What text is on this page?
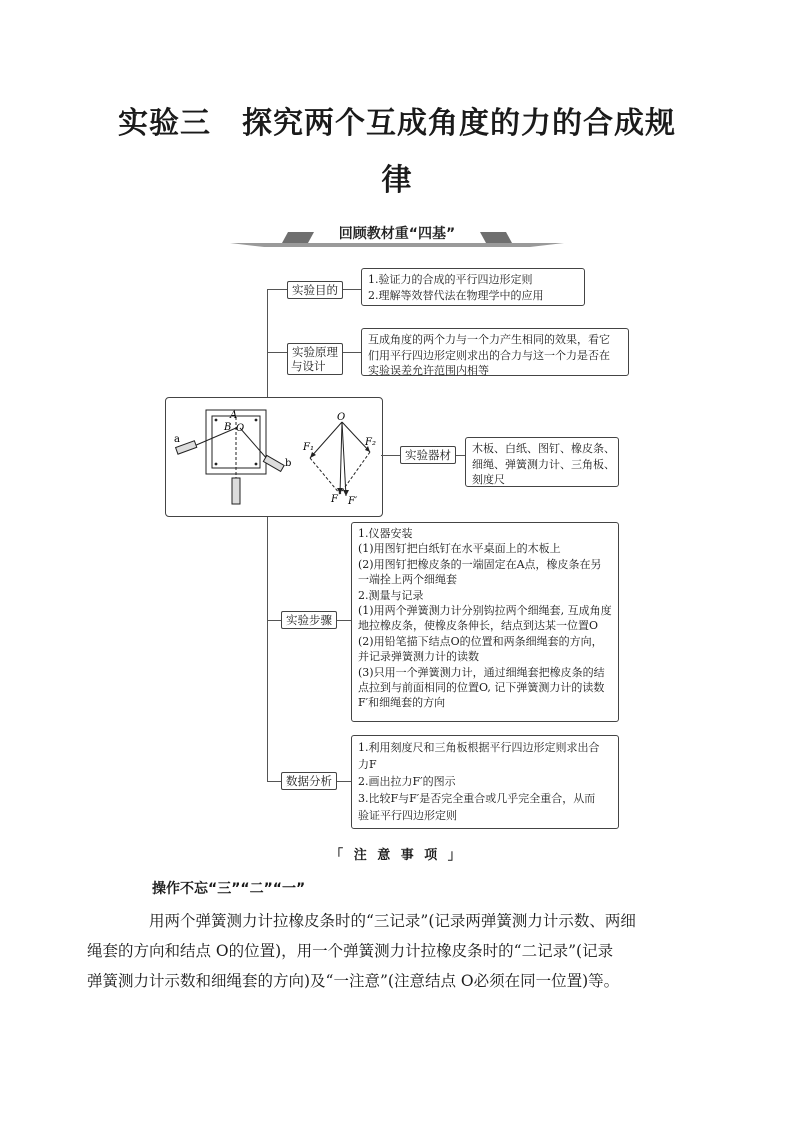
实验三　探究两个互成角度的力的合成规
律
回顾教材重“四基”
实验目的
1.验证力的合成的平行四边形定则
2.理解等效替代法在物理学中的应用
实验原理
与设计
互成角度的两个力与一个力产生相同的效果，看它
们用平行四边形定则求出的合力与这一个力是否在
实验误差允许范围内相等
A
B O
a
b
O
F₁	F₂
F F′
实验器材	木板、白纸、图钉、橡皮条、
细绳、弹簧测力计、三角板、
刻度尺
实验步骤
1.仪器安装
(1)用图钉把白纸钉在水平桌面上的木板上
(2)用图钉把橡皮条的一端固定在A点，橡皮条在另
一端拴上两个细绳套
2.测量与记录
(1)用两个弹簧测力计分别钩拉两个细绳套, 互成角度
地拉橡皮条，使橡皮条伸长，结点到达某一位置O
(2)用铅笔描下结点O的位置和两条细绳套的方向，
并记录弹簧测力计的读数
(3)只用一个弹簧测力计，通过细绳套把橡皮条的结
点拉到与前面相同的位置O, 记下弹簧测力计的读数
F′和细绳套的方向
数据分析
1.利用刻度尺和三角板根据平行四边形定则求出合
力F
2.画出拉力F′的图示
3.比较F与F′是否完全重合或几乎完全重合，从而
验证平行四边形定则
「 注 意 事 项 」
操作不忘“三”“二”“一”
用两个弹簧测力计拉橡皮条时的“三记录”(记录两弹簧测力计示数、两细
绳套的方向和结点 O的位置)，用一个弹簧测力计拉橡皮条时的“二记录”(记录
弹簧测力计示数和细绳套的方向)及“一注意”(注意结点 O必须在同一位置)等。
